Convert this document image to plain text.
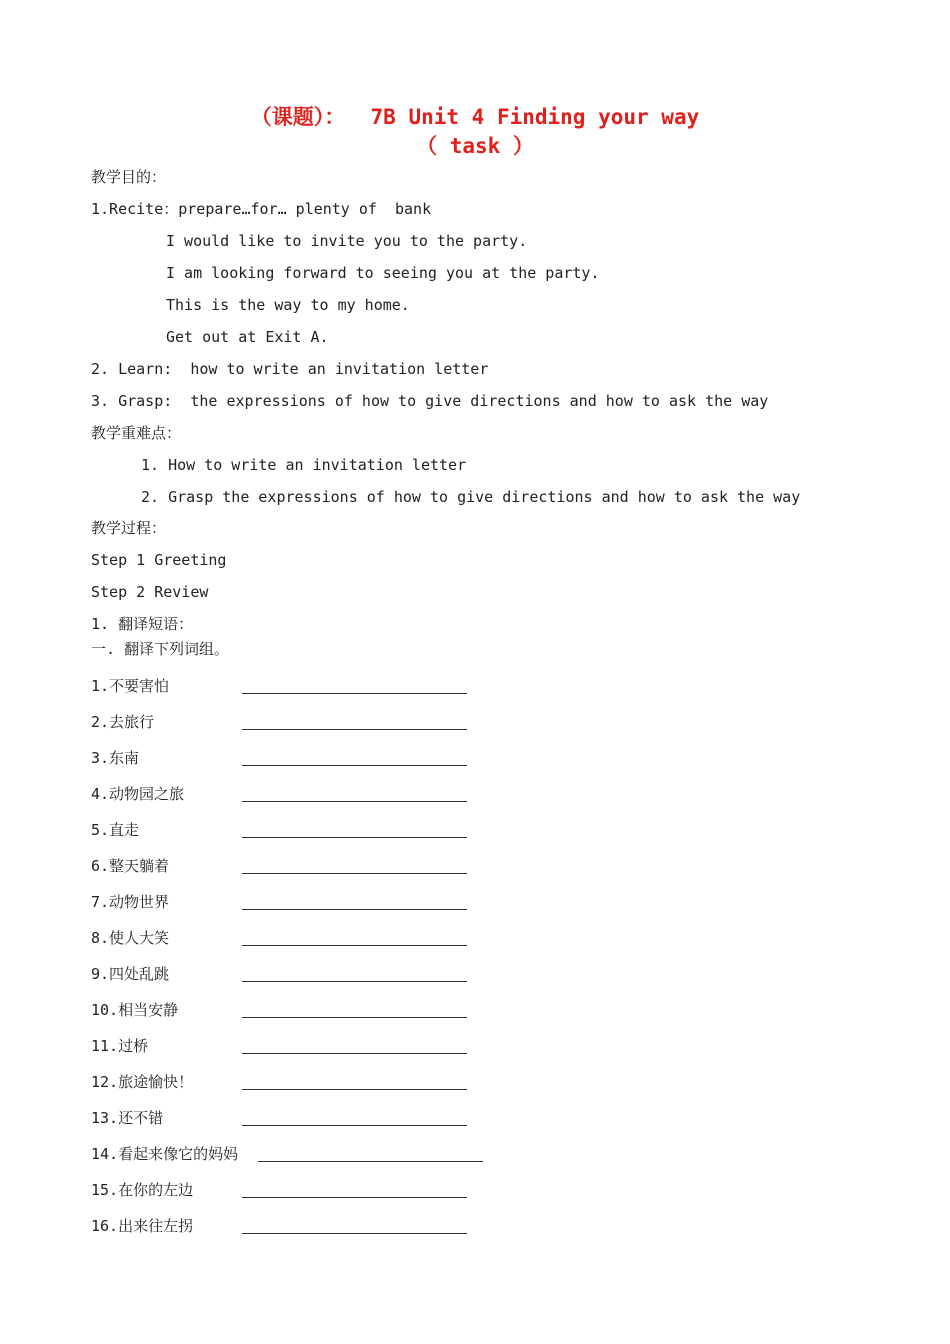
（课题）：  7B Unit 4 Finding your way
（ task ）
教学目的：
1.Recite：prepare…for… plenty of  bank
I would like to invite you to the party.
I am looking forward to seeing you at the party.
This is the way to my home.
Get out at Exit A.
2. Learn:  how to write an invitation letter
3. Grasp:  the expressions of how to give directions and how to ask the way
教学重难点：
1. How to write an invitation letter
2. Grasp the expressions of how to give directions and how to ask the way
教学过程：
Step 1 Greeting
Step 2 Review
1. 翻译短语：
一. 翻译下列词组。
1.不要害怕
2.去旅行
3.东南
4.动物园之旅
5.直走
6.整天躺着
7.动物世界
8.使人大笑
9.四处乱跳
10.相当安静
11.过桥
12.旅途愉快！
13.还不错
14.看起来像它的妈妈
15.在你的左边
16.出来往左拐
